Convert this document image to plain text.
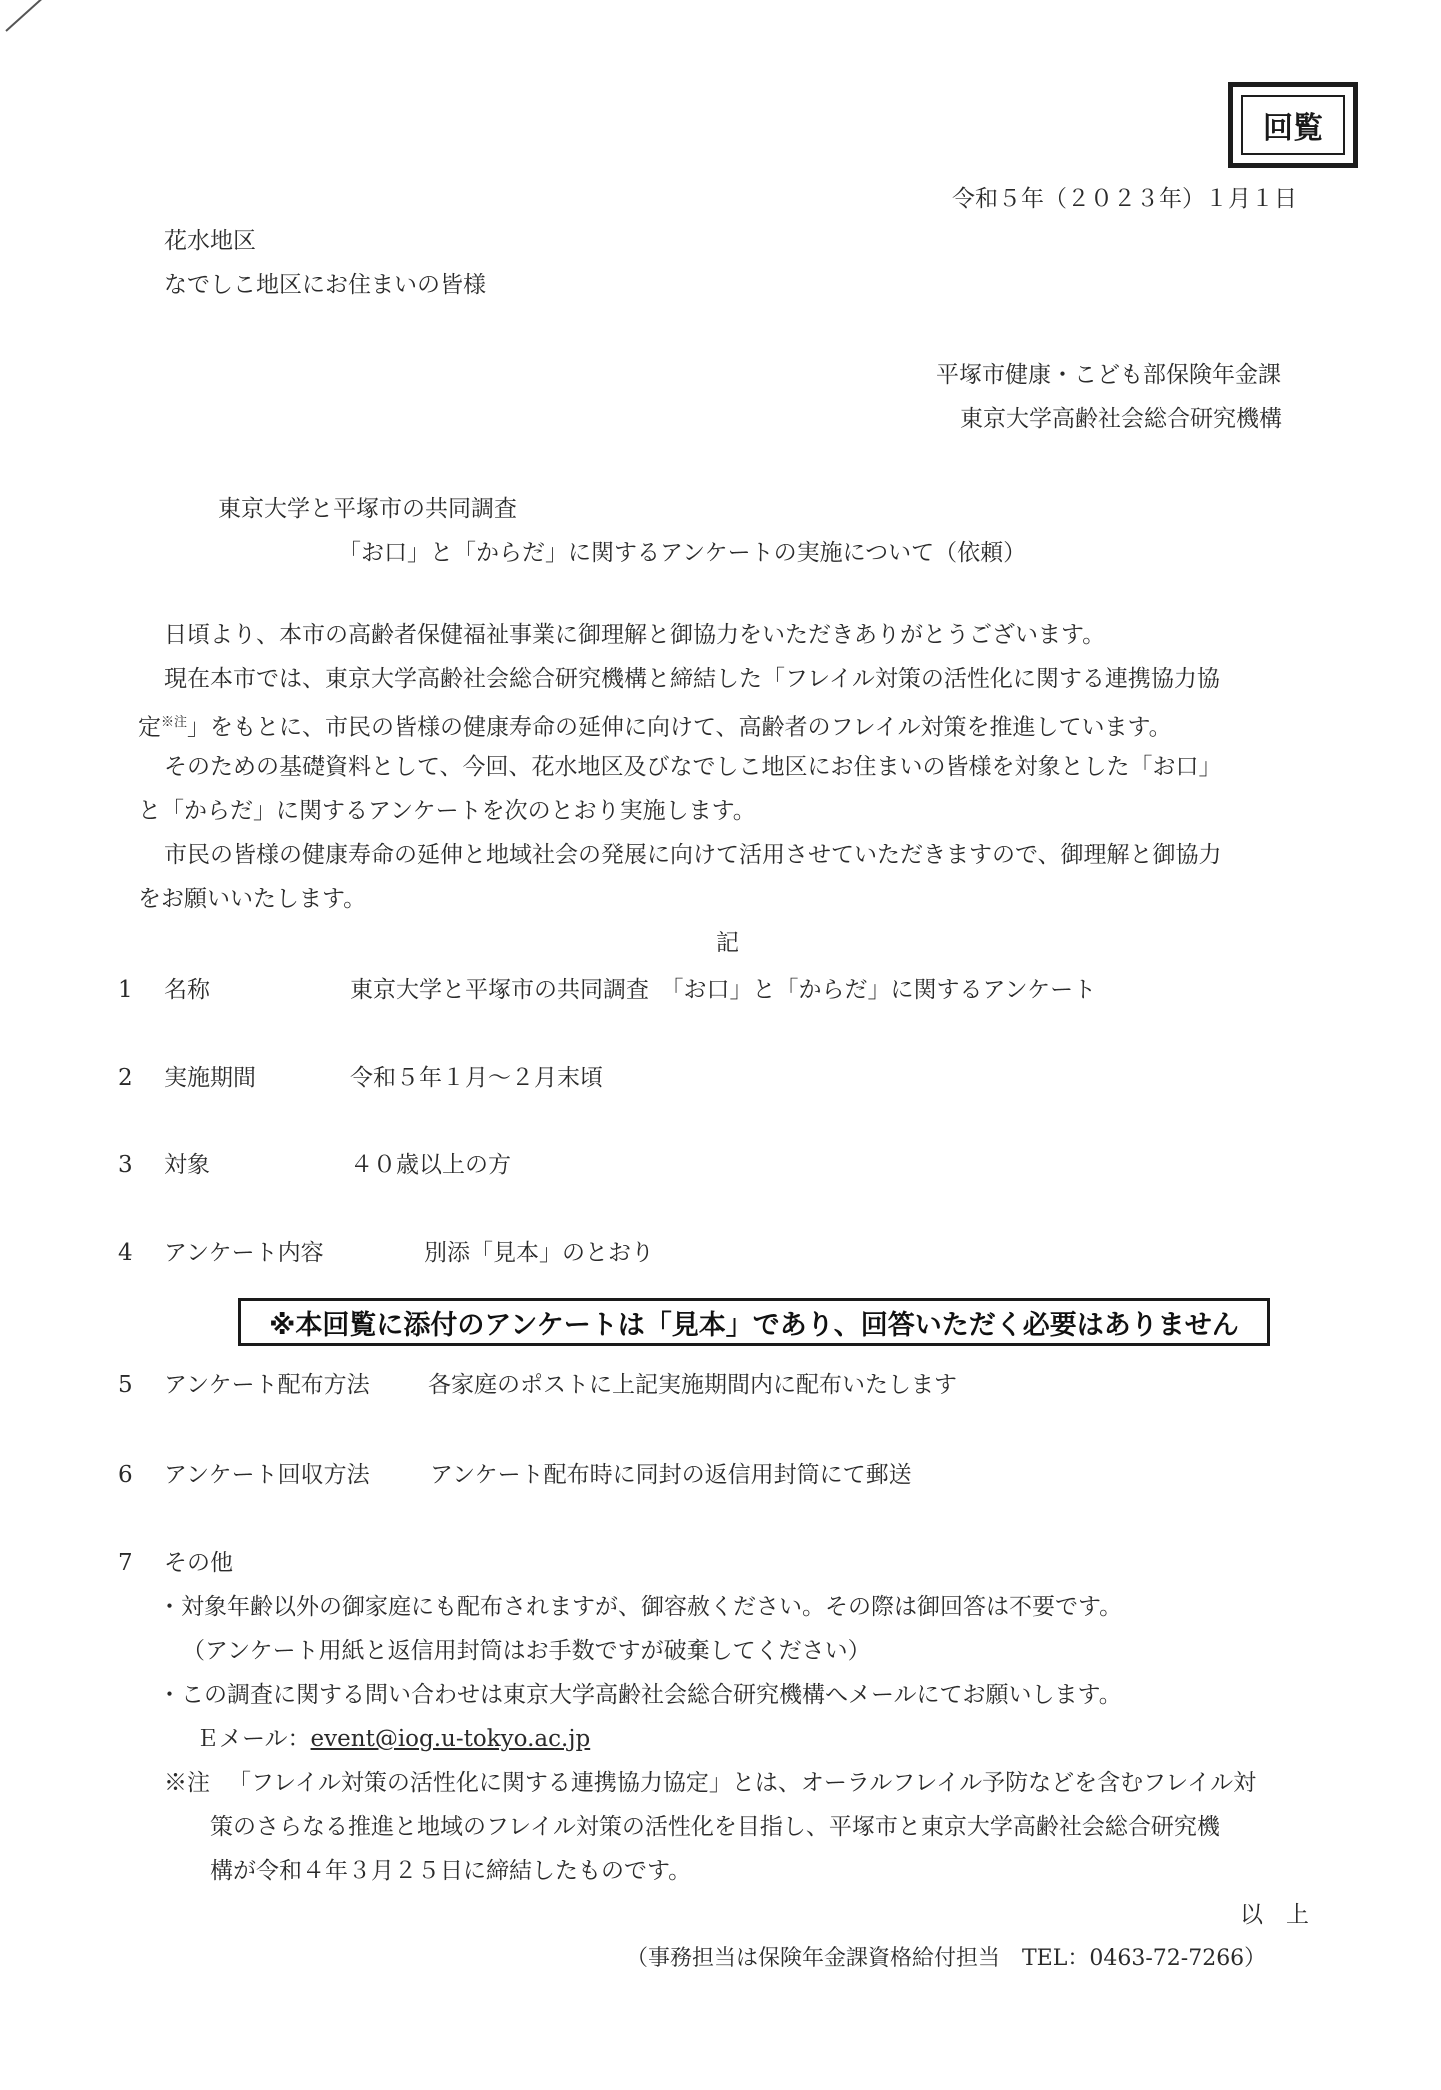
回覧
令和５年（２０２３年）１月１日
花水地区
なでしこ地区にお住まいの皆様
平塚市健康・こども部保険年金課
東京大学高齢社会総合研究機構
東京大学と平塚市の共同調査
「お口」と「からだ」に関するアンケートの実施について（依頼）
日頃より、本市の高齢者保健福祉事業に御理解と御協力をいただきありがとうございます。
現在本市では、東京大学高齢社会総合研究機構と締結した「フレイル対策の活性化に関する連携協力協
定$^{※注}$」をもとに、市民の皆様の健康寿命の延伸に向けて、高齢者のフレイル対策を推進しています。
そのための基礎資料として、今回、花水地区及びなでしこ地区にお住まいの皆様を対象とした「お口」
と「からだ」に関するアンケートを次のとおり実施します。
市民の皆様の健康寿命の延伸と地域社会の発展に向けて活用させていただきますので、御理解と御協力
をお願いいたします。
記
1 名称	東京大学と平塚市の共同調査　「お口」と「からだ」に関するアンケート
2 実施期間	令和５年１月～２月末頃
3 対象	４０歳以上の方
4 アンケート内容	別添「見本」のとおり
※本回覧に添付のアンケートは「見本」であり、回答いただく必要はありません
5 アンケート配布方法	各家庭のポストに上記実施期間内に配布いたします
6 アンケート回収方法	アンケート配布時に同封の返信用封筒にて郵送
7 その他
・対象年齢以外の御家庭にも配布されますが、御容赦ください。その際は御回答は不要です。
（アンケート用紙と返信用封筒はお手数ですが破棄してください）
・この調査に関する問い合わせは東京大学高齢社会総合研究機構へメールにてお願いします。
Ｅメール：event@iog.u-tokyo.ac.jp
※注 「フレイル対策の活性化に関する連携協力協定」とは、オーラルフレイル予防などを含むフレイル対
策のさらなる推進と地域のフレイル対策の活性化を目指し、平塚市と東京大学高齢社会総合研究機
構が令和４年３月２５日に締結したものです。
以　上
（事務担当は保険年金課資格給付担当　TEL：0463-72-7266）
